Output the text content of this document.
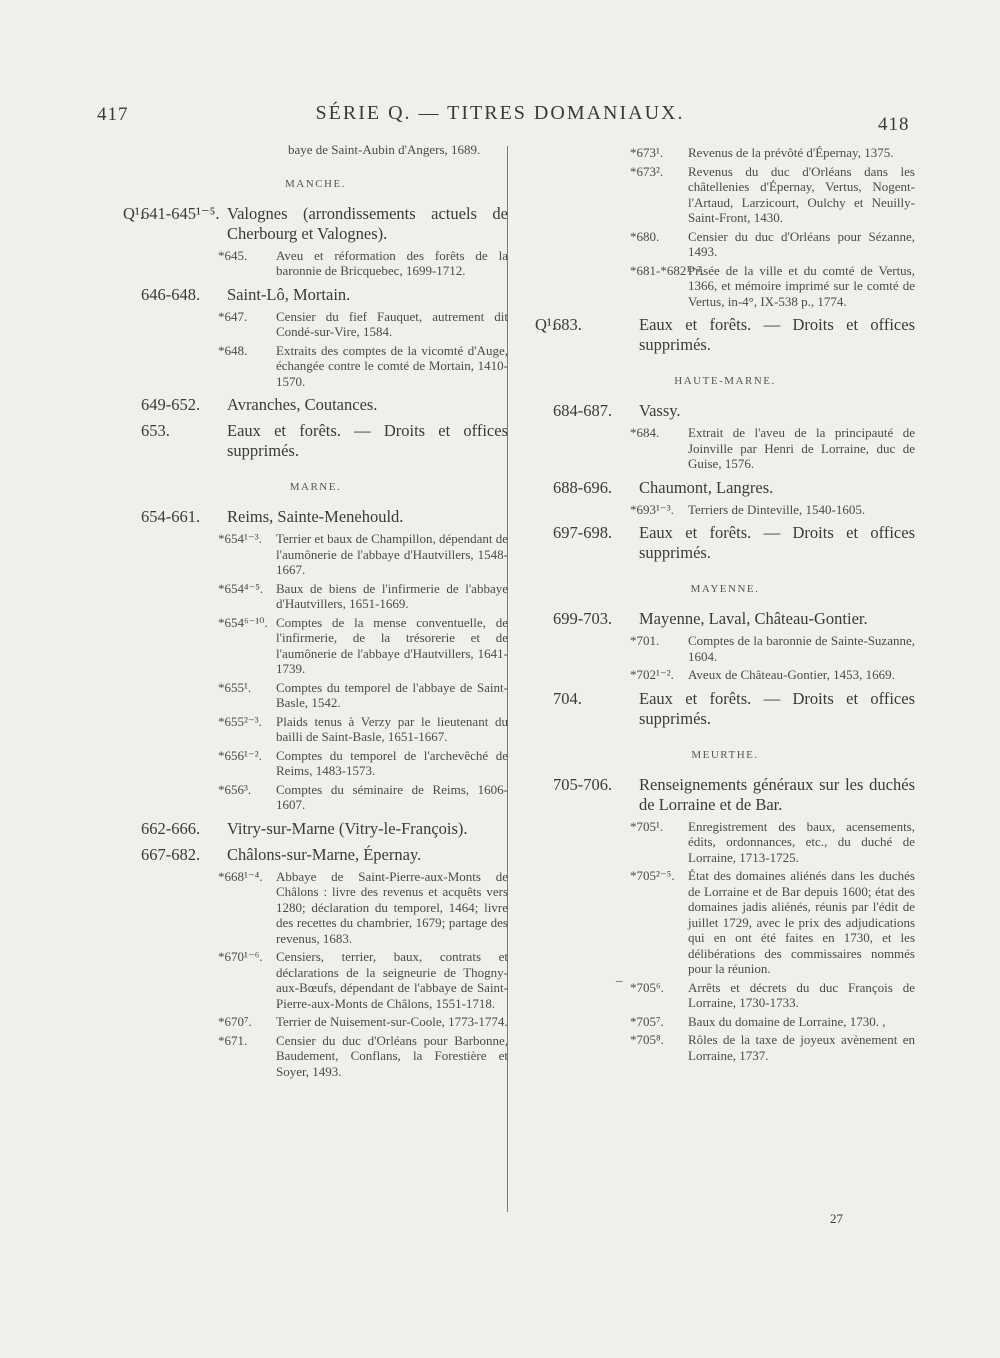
417	SÉRIE Q. — TITRES DOMANIAUX.
418
baye de Saint-Aubin d'Angers, 1689.
MANCHE.
Q¹.
641-645¹⁻⁵. Valognes (arrondissements actuels de Cherbourg et Valognes).
*645.	Aveu et réformation des forêts de la baronnie de Bricquebec, 1699-1712.
646-648.	Saint-Lô, Mortain.
*647.	Censier du fief Fauquet, autrement dit Condé-sur-Vire, 1584.
*648.	Extraits des comptes de la vicomté d'Auge, échangée contre le comté de Mortain, 1410-1570.
649-652.	Avranches, Coutances.
653.	Eaux et forêts. — Droits et offices supprimés.
MARNE.
654-661.	Reims, Sainte-Menehould.
*654¹⁻³.	Terrier et baux de Champillon, dépendant de l'aumônerie de l'abbaye d'Hautvillers, 1548-1667.
*654⁴⁻⁵. Baux de biens de l'infirmerie de l'abbaye d'Hautvillers, 1651-1669.
*654⁶⁻¹⁰. Comptes de la mense conventuelle, de l'infirmerie, de la trésorerie et de l'aumônerie de l'abbaye d'Hautvillers, 1641-1739.
*655¹.	Comptes du temporel de l'abbaye de Saint-Basle, 1542.
*655²⁻³.	Plaids tenus à Verzy par le lieutenant du bailli de Saint-Basle, 1651-1667.
*656¹⁻².	Comptes du temporel de l'archevêché de Reims, 1483-1573.
*656³.	Comptes du séminaire de Reims, 1606-1607.
662-666.	Vitry-sur-Marne (Vitry-le-François).
667-682.	Châlons-sur-Marne, Épernay.
*668¹⁻⁴.	Abbaye de Saint-Pierre-aux-Monts de Châlons : livre des revenus et acquêts vers 1280; déclaration du temporel, 1464; livre des recettes du chambrier, 1679; partage des revenus, 1683.
*670¹⁻⁶.	Censiers, terrier, baux, contrats et déclarations de la seigneurie de Thogny-aux-Bœufs, dépendant de l'abbaye de Saint-Pierre-aux-Monts de Châlons, 1551-1718.
*670⁷.	Terrier de Nuisement-sur-Coole, 1773-1774.
*671.	Censier du duc d'Orléans pour Barbonne, Baudement, Conflans, la Forestière et Soyer, 1493.
*673¹.	Revenus de la prévôté d'Épernay, 1375.
*673².	Revenus du duc d'Orléans dans les châtellenies d'Épernay, Vertus, Nogent-l'Artaud, Larzicourt, Oulchy et Neuilly-Saint-Front, 1430.
*680.	Censier du duc d'Orléans pour Sézanne, 1493.
*681-*682¹⁻².
Prisée de la ville et du comté de Vertus, 1366, et mémoire imprimé sur le comté de Vertus, in-4°, IX-538 p., 1774.
Q¹.
683.	Eaux et forêts. — Droits et offices supprimés.
HAUTE-MARNE.
684-687.	Vassy.
*684.	Extrait de l'aveu de la principauté de Joinville par Henri de Lorraine, duc de Guise, 1576.
688-696.	Chaumont, Langres.
*693¹⁻³.	Terriers de Dinteville, 1540-1605.
697-698.	Eaux et forêts. — Droits et offices supprimés.
MAYENNE.
699-703.	Mayenne, Laval, Château-Gontier.
*701.	Comptes de la baronnie de Sainte-Suzanne, 1604.
*702¹⁻².	Aveux de Château-Gontier, 1453, 1669.
704.	Eaux et forêts. — Droits et offices supprimés.
MEURTHE.
705-706.	Renseignements généraux sur les duchés de Lorraine et de Bar.
*705¹.	Enregistrement des baux, acensements, édits, ordonnances, etc., du duché de Lorraine, 1713-1725.
*705²⁻⁵.	État des domaines aliénés dans les duchés de Lorraine et de Bar depuis 1600; état des domaines jadis aliénés, réunis par l'édit de juillet 1729, avec le prix des adjudications qui en ont été faites en 1730, et les délibérations des commissaires nommés pour la réunion.
*705⁶.	Arrêts et décrets du duc François de Lorraine, 1730-1733.
*705⁷.	Baux du domaine de Lorraine, 1730. ,
*705⁸.	Rôles de la taxe de joyeux avènement en Lorraine, 1737.
_
27
